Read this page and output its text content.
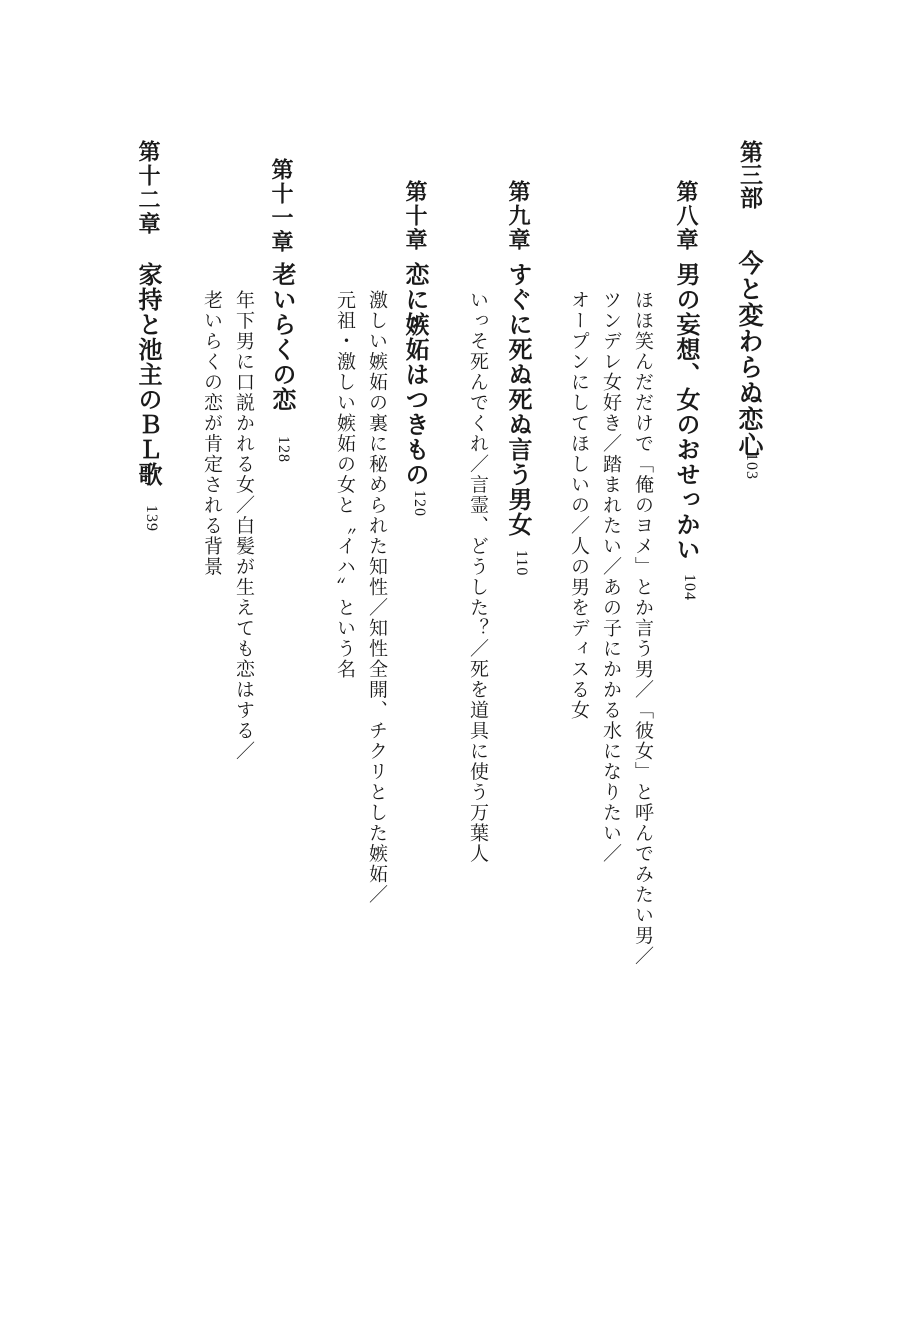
第三部
今と変わらぬ恋心
103
第八章
男の妄想、女のおせっかい
104
ほほ笑んだだけで「俺のヨメ」とか言う男／「彼女」と呼んでみたい男／
ツンデレ女好き／踏まれたい／あの子にかかる水になりたい／
オープンにしてほしいの／人の男をディスる女
第九章
すぐに死ぬ死ぬ言う男女
110
いっそ死んでくれ／言霊、どうした？／死を道具に使う万葉人
第十章
恋に嫉妬はつきもの
120
激しい嫉妬の裏に秘められた知性／知性全開、チクリとした嫉妬／
元祖・激しい嫉妬の女と〝イハ〟という名
第十一章
老いらくの恋
128
年下男に口説かれる女／白髪が生えても恋はする／
老いらくの恋が肯定される背景
第十二章
家持と池主のＢＬ歌
139
